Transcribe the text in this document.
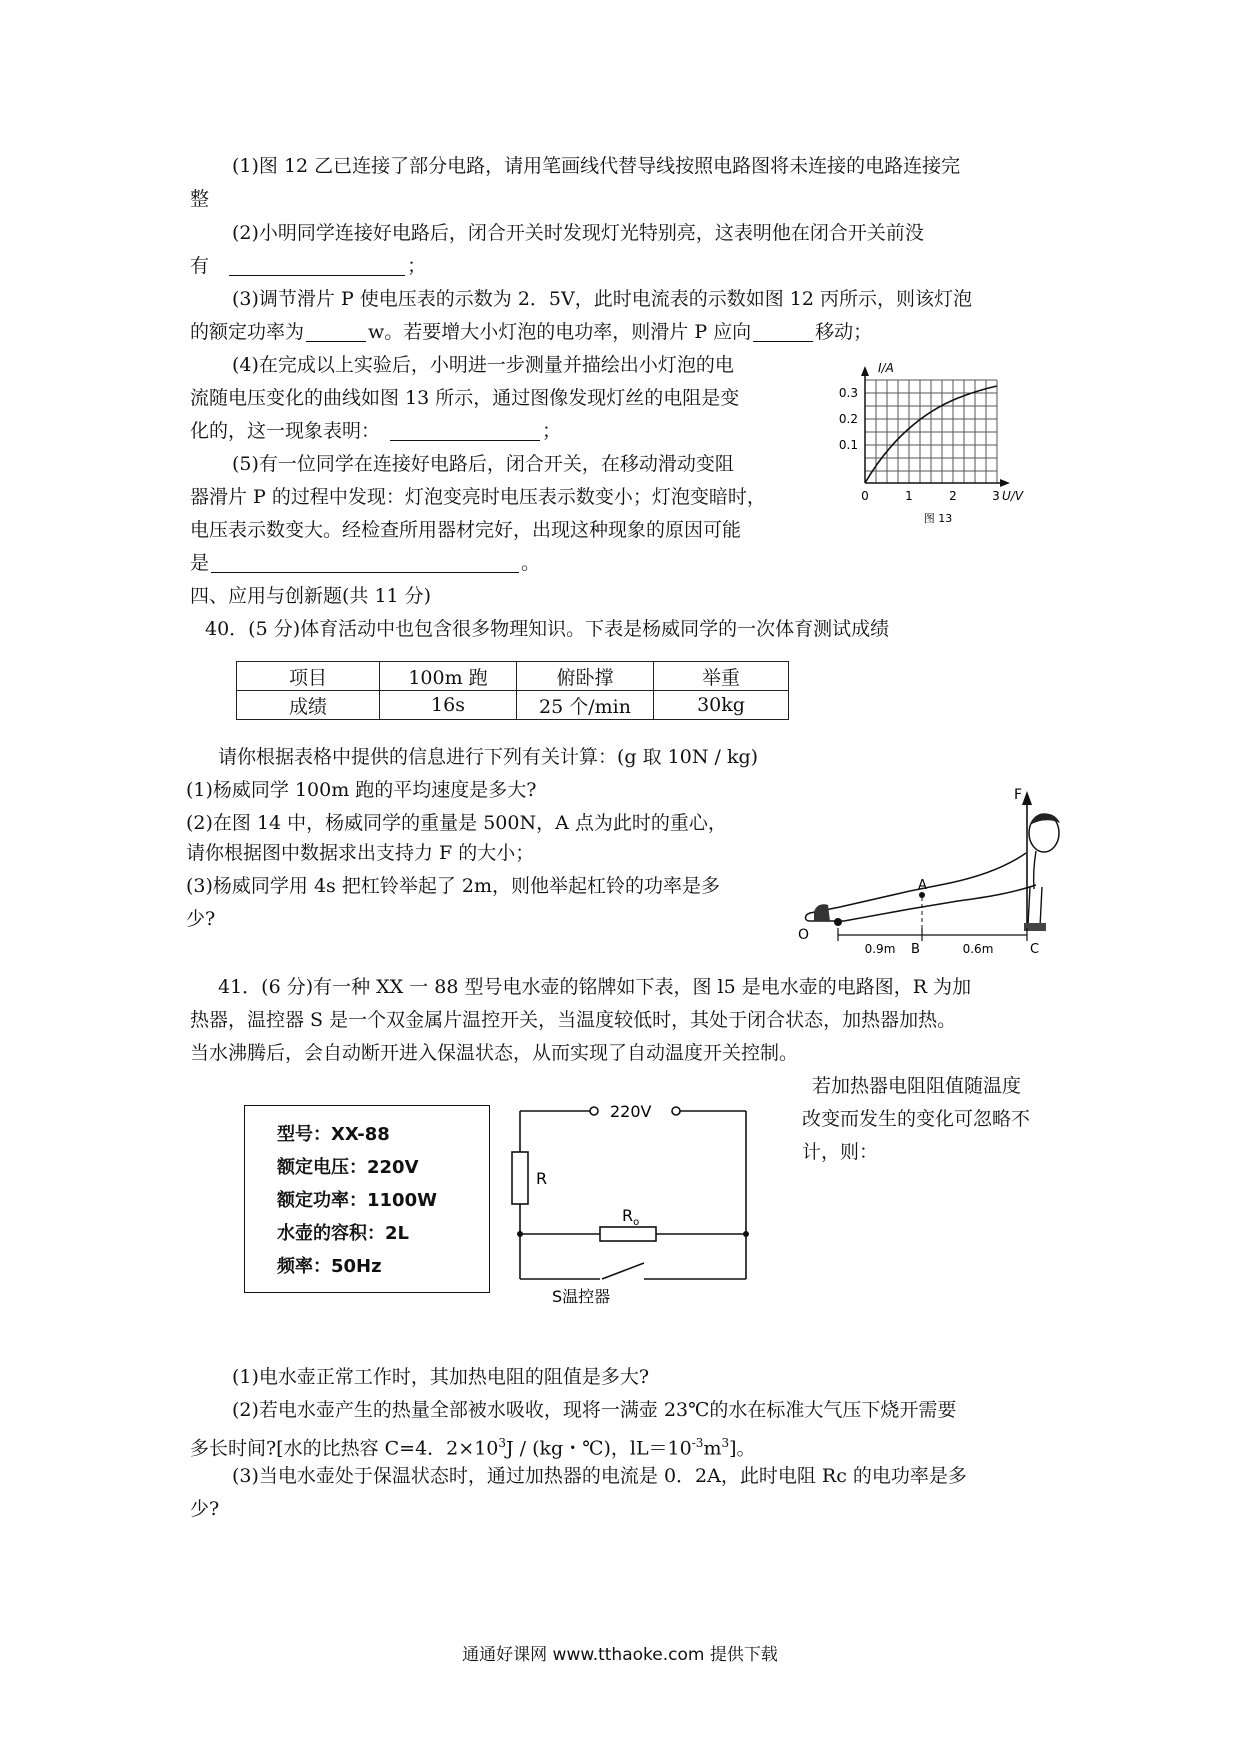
(1)图 12 乙已连接了部分电路，请用笔画线代替导线按照电路图将未连接的电路连接完
整
(2)小明同学连接好电路后，闭合开关时发现灯光特别亮，这表明他在闭合开关前没
有	；
(3)调节滑片 P 使电压表的示数为 2．5V，此时电流表的示数如图 12 丙所示，则该灯泡
的额定功率为	w。若要增大小灯泡的电功率，则滑片 P 应向	移动；
(4)在完成以上实验后，小明进一步测量并描绘出小灯泡的电
流随电压变化的曲线如图 13 所示，通过图像发现灯丝的电阻是变
化的，这一现象表明：	；
(5)有一位同学在连接好电路后，闭合开关，在移动滑动变阻
器滑片 P 的过程中发现：灯泡变亮时电压表示数变小；灯泡变暗时，
电压表示数变大。经检查所用器材完好，出现这种现象的原因可能
是	。
0.3
0.2
0.1
0	1	2	3
I/A
U/V
图 13
四、应用与创新题(共 11 分)
40．(5 分)体育活动中也包含很多物理知识。下表是杨威同学的一次体育测试成绩
项目	100m 跑	俯卧撑	举重
成绩	16s	25 个/min	30kg
请你根据表格中提供的信息进行下列有关计算：(g 取 10N / kg)
(1)杨威同学 100m 跑的平均速度是多大?
(2)在图 14 中，杨威同学的重量是 500N，A 点为此时的重心，
请你根据图中数据求出支持力 F 的大小；
(3)杨威同学用 4s 把杠铃举起了 2m，则他举起杠铃的功率是多
少?
F
A
O
B	C
0.9m	0.6m
41．(6 分)有一种 XX 一 88 型号电水壶的铭牌如下表，图 l5 是电水壶的电路图，R 为加
热器，温控器 S 是一个双金属片温控开关，当温度较低时，其处于闭合状态，加热器加热。
当水沸腾后，会自动断开进入保温状态，从而实现了自动温度开关控制。
若加热器电阻阻值随温度
改变而发生的变化可忽略不
计，则：
型号：XX-88
额定电压：220V
额定功率：1100W
水壶的容积：2L
频率：50Hz
220V
R
$R_o$
S温控器
(1)电水壶正常工作时，其加热电阻的阻值是多大?
(2)若电水壶产生的热量全部被水吸收，现将一满壶 23℃的水在标准大气压下烧开需要
多长时间?[水的比热容 C=4．$2\times 10^3J / (kg$・℃)，$lL=10^{-3}m^3$]。
(3)当电水壶处于保温状态时，通过加热器的电流是 0．2A，此时电阻 Rc 的电功率是多
少?
通通好课网 www.tthaoke.com 提供下载
